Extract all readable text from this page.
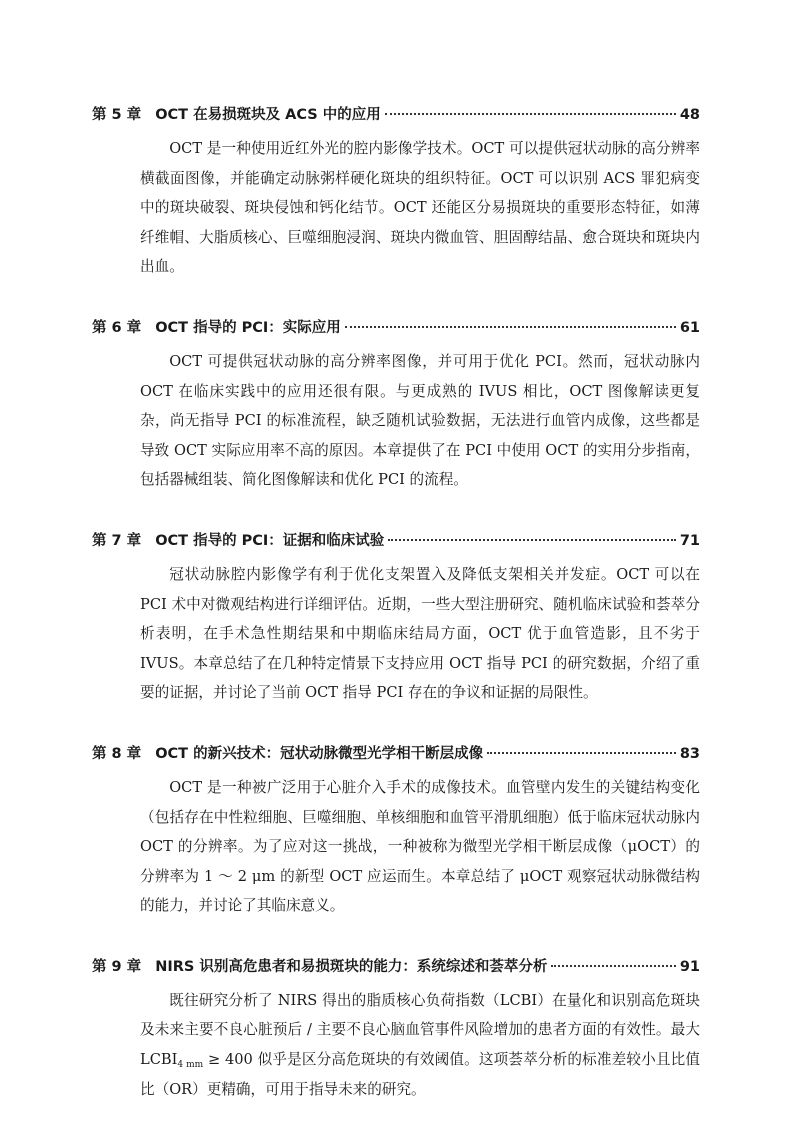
第 5 章 OCT 在易损斑块及 ACS 中的应用	48

OCT 是一种使用近红外光的腔内影像学技术。OCT 可以提供冠状动脉的高分辨率横截面图像，并能确定动脉粥样硬化斑块的组织特征。OCT 可以识别 ACS 罪犯病变中的斑块破裂、斑块侵蚀和钙化结节。OCT 还能区分易损斑块的重要形态特征，如薄纤维帽、大脂质核心、巨噬细胞浸润、斑块内微血管、胆固醇结晶、愈合斑块和斑块内出血。

第 6 章 OCT 指导的 PCI：实际应用	61

OCT 可提供冠状动脉的高分辨率图像，并可用于优化 PCI。然而，冠状动脉内 OCT 在临床实践中的应用还很有限。与更成熟的 IVUS 相比，OCT 图像解读更复杂，尚无指导 PCI 的标准流程，缺乏随机试验数据，无法进行血管内成像，这些都是导致 OCT 实际应用率不高的原因。本章提供了在 PCI 中使用 OCT 的实用分步指南，包括器械组装、简化图像解读和优化 PCI 的流程。

第 7 章 OCT 指导的 PCI：证据和临床试验	71

冠状动脉腔内影像学有利于优化支架置入及降低支架相关并发症。OCT 可以在 PCI 术中对微观结构进行详细评估。近期，一些大型注册研究、随机临床试验和荟萃分析表明，在手术急性期结果和中期临床结局方面，OCT 优于血管造影，且不劣于 IVUS。本章总结了在几种特定情景下支持应用 OCT 指导 PCI 的研究数据，介绍了重要的证据，并讨论了当前 OCT 指导 PCI 存在的争议和证据的局限性。

第 8 章 OCT 的新兴技术：冠状动脉微型光学相干断层成像	83

OCT 是一种被广泛用于心脏介入手术的成像技术。血管壁内发生的关键结构变化（包括存在中性粒细胞、巨噬细胞、单核细胞和血管平滑肌细胞）低于临床冠状动脉内 OCT 的分辨率。为了应对这一挑战，一种被称为微型光学相干断层成像（μOCT）的分辨率为 1 ～ 2 μm 的新型 OCT 应运而生。本章总结了 μOCT 观察冠状动脉微结构的能力，并讨论了其临床意义。

第 9 章 NIRS 识别高危患者和易损斑块的能力：系统综述和荟萃分析	91

既往研究分析了 NIRS 得出的脂质核心负荷指数（LCBI）在量化和识别高危斑块及未来主要不良心脏预后 / 主要不良心脑血管事件风险增加的患者方面的有效性。最大 $LCBI_{4 mm} \ge 400$ 似乎是区分高危斑块的有效阈值。这项荟萃分析的标准差较小且比值比（OR）更精确，可用于指导未来的研究。
